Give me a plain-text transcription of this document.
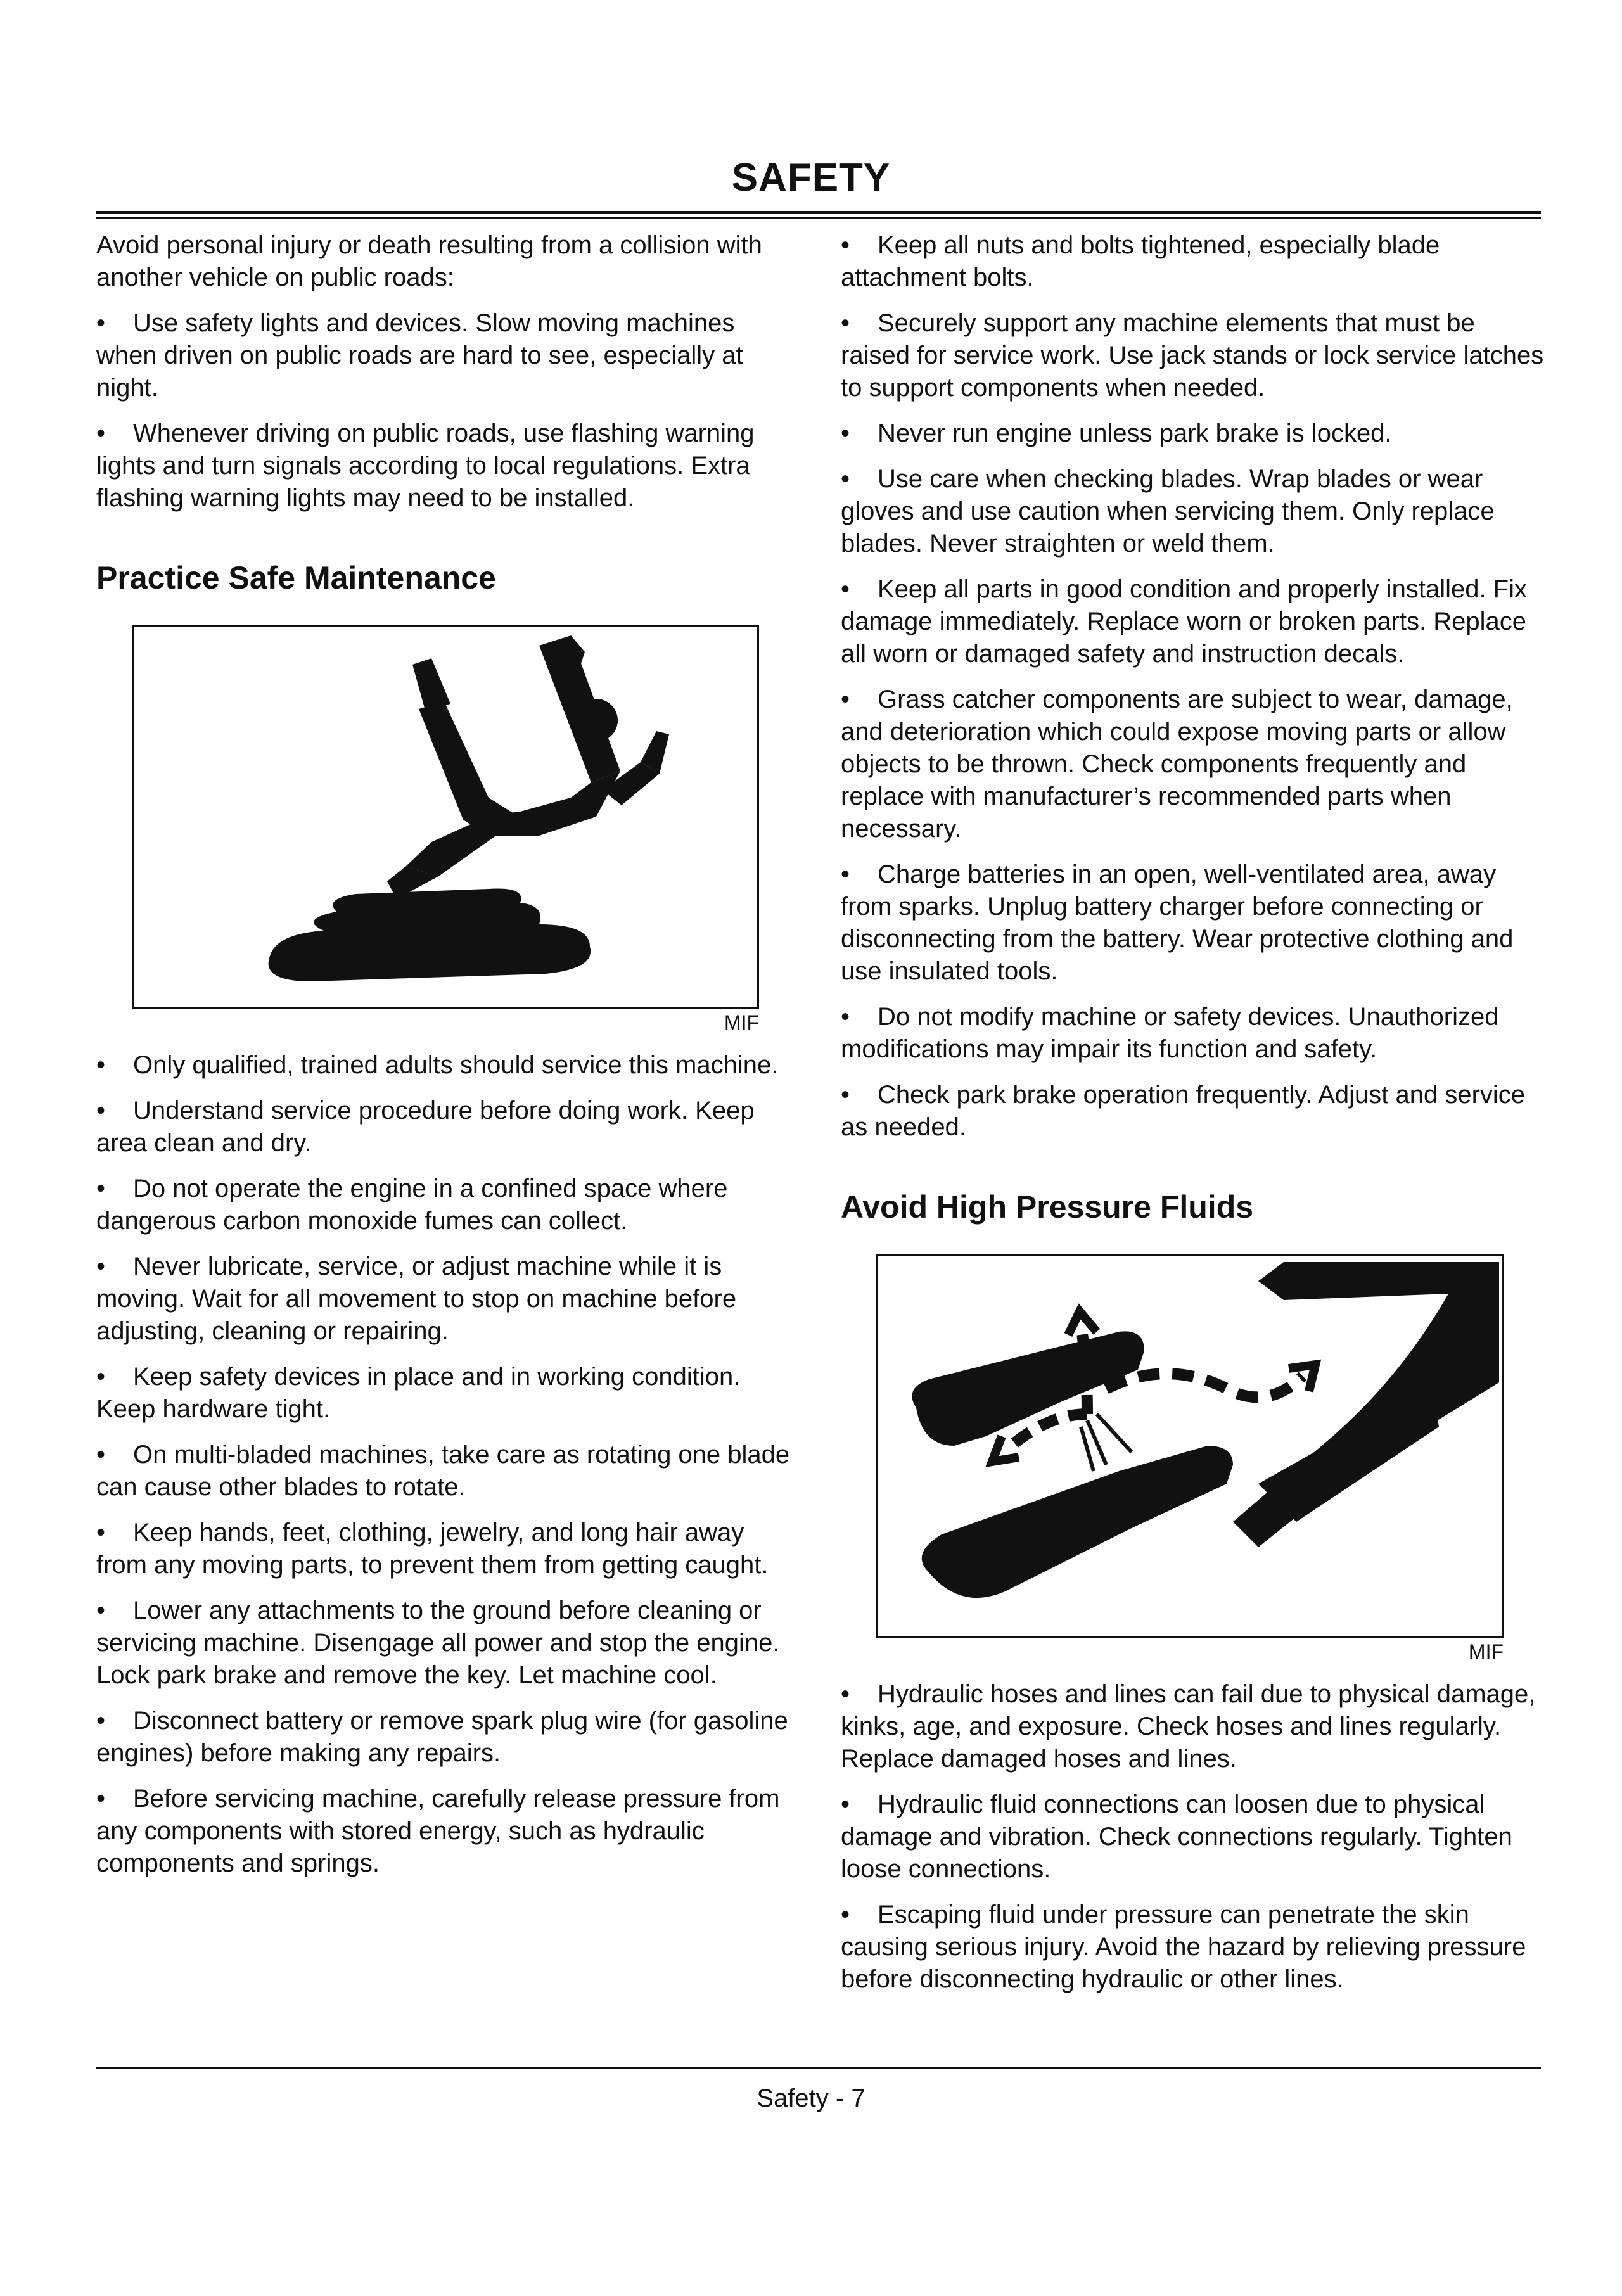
SAFETY

Avoid personal injury or death resulting from a collision with another vehicle on public roads:

• Use safety lights and devices. Slow moving machines when driven on public roads are hard to see, especially at night.

• Whenever driving on public roads, use flashing warning lights and turn signals according to local regulations. Extra flashing warning lights may need to be installed.

Practice Safe Maintenance
MIF

• Only qualified, trained adults should service this machine.

• Understand service procedure before doing work. Keep area clean and dry.

• Do not operate the engine in a confined space where dangerous carbon monoxide fumes can collect.

• Never lubricate, service, or adjust machine while it is moving. Wait for all movement to stop on machine before adjusting, cleaning or repairing.

• Keep safety devices in place and in working condition. Keep hardware tight.

• On multi-bladed machines, take care as rotating one blade can cause other blades to rotate.

• Keep hands, feet, clothing, jewelry, and long hair away from any moving parts, to prevent them from getting caught.

• Lower any attachments to the ground before cleaning or servicing machine. Disengage all power and stop the engine. Lock park brake and remove the key. Let machine cool.

• Disconnect battery or remove spark plug wire (for gasoline engines) before making any repairs.

• Before servicing machine, carefully release pressure from any components with stored energy, such as hydraulic components and springs.

• Keep all nuts and bolts tightened, especially blade attachment bolts.

• Securely support any machine elements that must be raised for service work. Use jack stands or lock service latches to support components when needed.

• Never run engine unless park brake is locked.

• Use care when checking blades. Wrap blades or wear gloves and use caution when servicing them. Only replace blades. Never straighten or weld them.

• Keep all parts in good condition and properly installed. Fix damage immediately. Replace worn or broken parts. Replace all worn or damaged safety and instruction decals.

• Grass catcher components are subject to wear, damage, and deterioration which could expose moving parts or allow objects to be thrown. Check components frequently and replace with manufacturer’s recommended parts when necessary.

• Charge batteries in an open, well-ventilated area, away from sparks. Unplug battery charger before connecting or disconnecting from the battery. Wear protective clothing and use insulated tools.

• Do not modify machine or safety devices. Unauthorized modifications may impair its function and safety.

• Check park brake operation frequently. Adjust and service as needed.

Avoid High Pressure Fluids
MIF

• Hydraulic hoses and lines can fail due to physical damage, kinks, age, and exposure. Check hoses and lines regularly. Replace damaged hoses and lines.

• Hydraulic fluid connections can loosen due to physical damage and vibration. Check connections regularly. Tighten loose connections.

• Escaping fluid under pressure can penetrate the skin causing serious injury. Avoid the hazard by relieving pressure before disconnecting hydraulic or other lines.

Safety - 7
